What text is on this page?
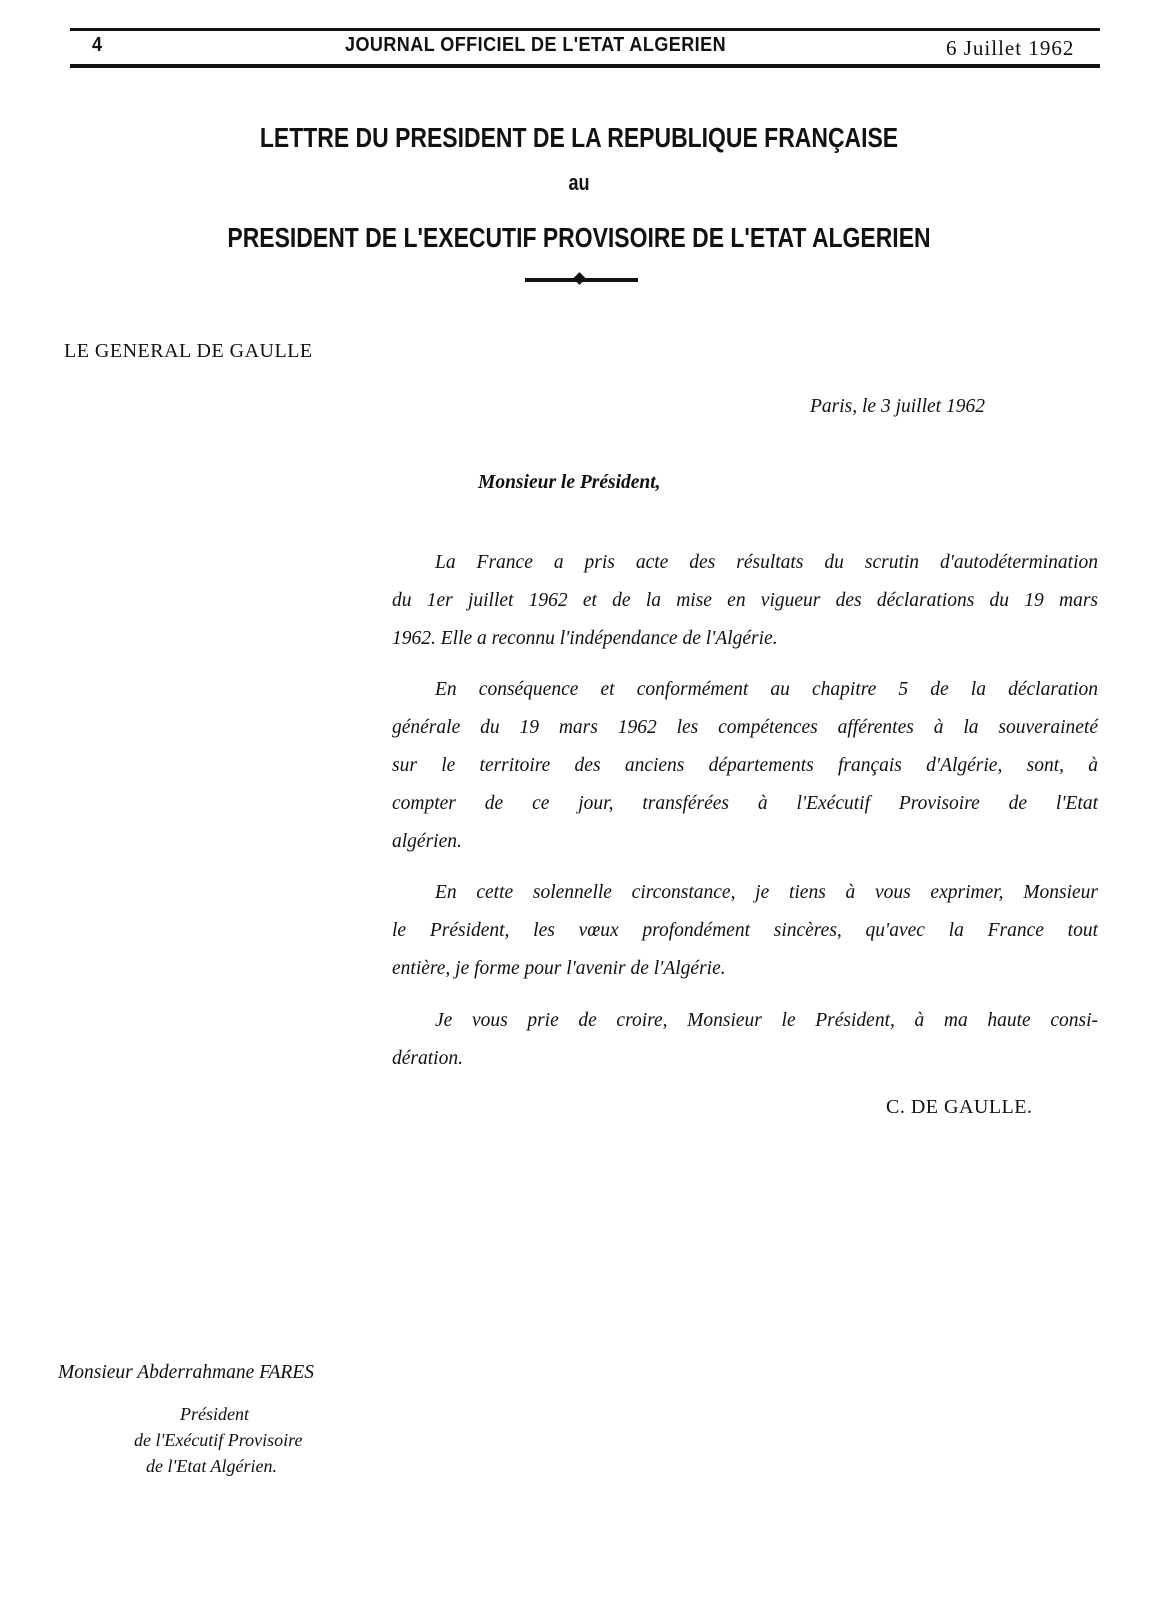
4	JOURNAL OFFICIEL DE L'ETAT ALGERIEN	6 Juillet 1962
LETTRE DU PRESIDENT DE LA REPUBLIQUE FRANÇAISE
au
PRESIDENT DE L'EXECUTIF PROVISOIRE DE L'ETAT ALGERIEN
LE GENERAL DE GAULLE
Paris, le 3 juillet 1962
Monsieur le Président,
La France a pris acte des résultats du scrutin d'autodétermination
du 1er juillet 1962 et de la mise en vigueur des déclarations du 19 mars
1962. Elle a reconnu l'indépendance de l'Algérie.
En conséquence et conformément au chapitre 5 de la déclaration
générale du 19 mars 1962 les compétences afférentes à la souveraineté
sur le territoire des anciens départements français d'Algérie, sont, à
compter de ce jour, transférées à l'Exécutif Provisoire de l'Etat
algérien.
En cette solennelle circonstance, je tiens à vous exprimer, Monsieur
le Président, les vœux profondément sincères, qu'avec la France tout
entière, je forme pour l'avenir de l'Algérie.
Je vous prie de croire, Monsieur le Président, à ma haute consi-
dération.
C. DE GAULLE.
Monsieur Abderrahmane FARES
Président
de l'Exécutif Provisoire
de l'Etat Algérien.
